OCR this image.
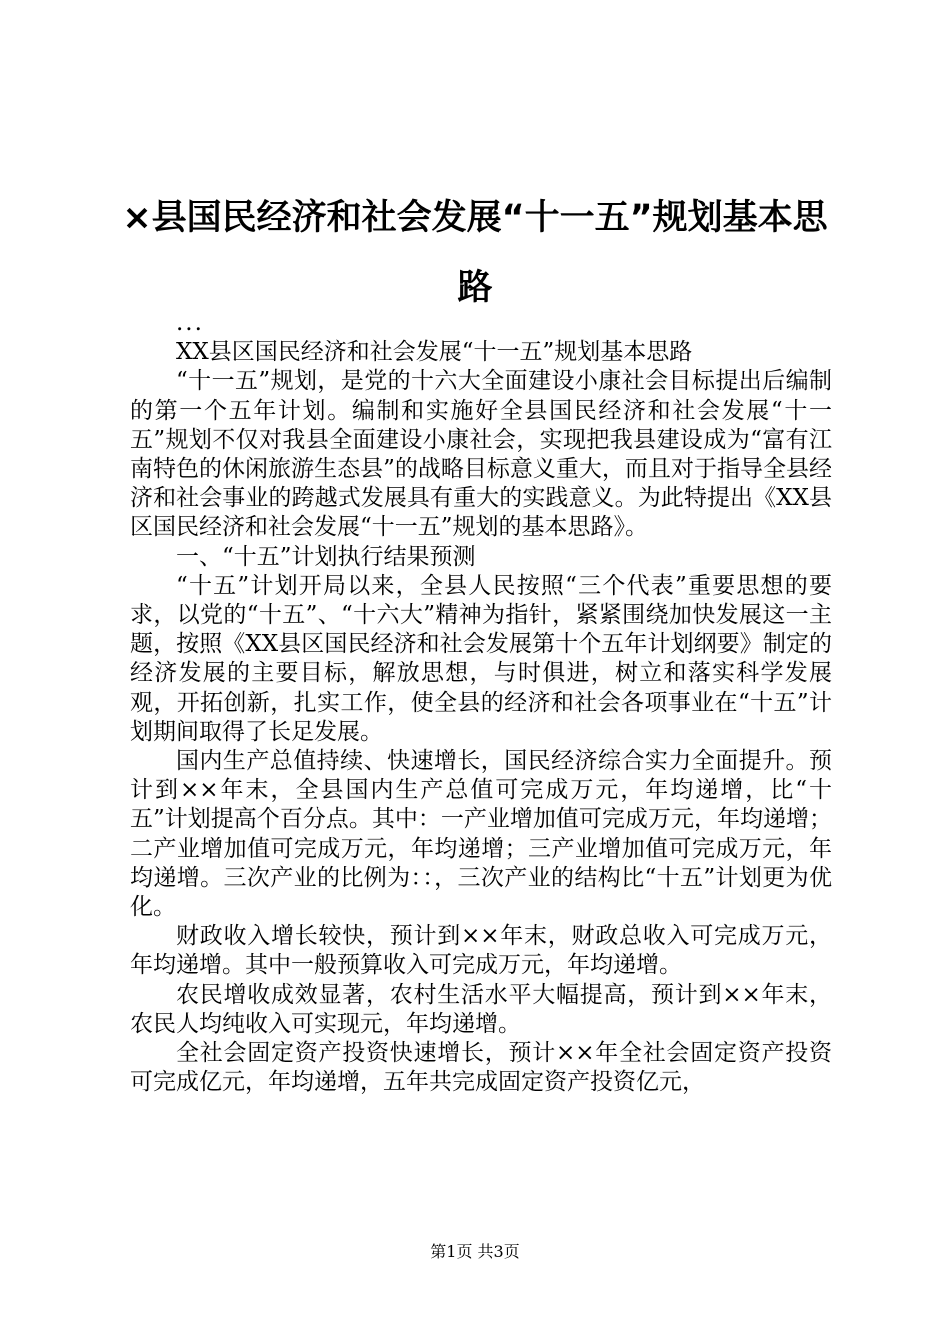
×县国民经济和社会发展“十一五”规划基本思路

...

XX县区国民经济和社会发展“十一五”规划基本思路

“十一五”规划，是党的十六大全面建设小康社会目标提出后编制的第一个五年计划。编制和实施好全县国民经济和社会发展“十一五”规划不仅对我县全面建设小康社会，实现把我县建设成为“富有江南特色的休闲旅游生态县”的战略目标意义重大，而且对于指导全县经济和社会事业的跨越式发展具有重大的实践意义。为此特提出《XX县区国民经济和社会发展“十一五”规划的基本思路》。

一、“十五”计划执行结果预测

“十五”计划开局以来，全县人民按照“三个代表”重要思想的要求，以党的“十五”、“十六大”精神为指针，紧紧围绕加快发展这一主题，按照《XX县区国民经济和社会发展第十个五年计划纲要》制定的经济发展的主要目标，解放思想，与时俱进，树立和落实科学发展观，开拓创新，扎实工作，使全县的经济和社会各项事业在“十五”计划期间取得了长足发展。

国内生产总值持续、快速增长，国民经济综合实力全面提升。预计到××年末，全县国内生产总值可完成万元，年均递增，比“十五”计划提高个百分点。其中：一产业增加值可完成万元，年均递增；二产业增加值可完成万元，年均递增；三产业增加值可完成万元，年均递增。三次产业的比例为：：，三次产业的结构比“十五”计划更为优化。

财政收入增长较快，预计到××年末，财政总收入可完成万元，年均递增。其中一般预算收入可完成万元，年均递增。

农民增收成效显著，农村生活水平大幅提高，预计到××年末，农民人均纯收入可实现元，年均递增。

全社会固定资产投资快速增长，预计××年全社会固定资产投资可完成亿元，年均递增，五年共完成固定资产投资亿元，

第1页 共3页
